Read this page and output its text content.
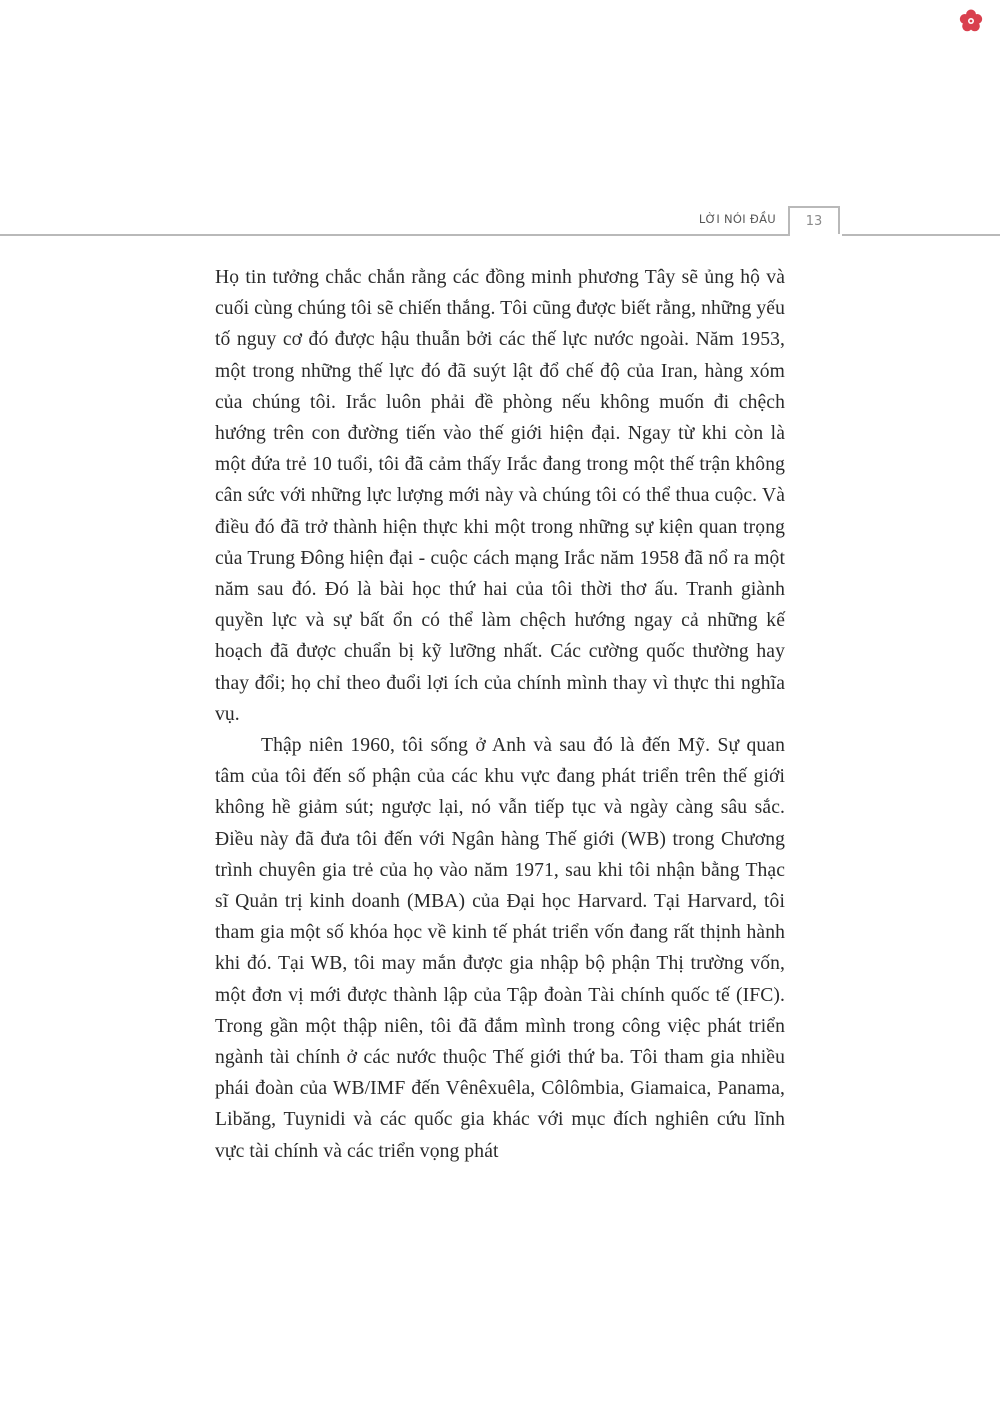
LỜI NÓI ĐẦU	13

Họ tin tưởng chắc chắn rằng các đồng minh phương Tây sẽ ủng hộ và cuối cùng chúng tôi sẽ chiến thắng. Tôi cũng được biết rằng, những yếu tố nguy cơ đó được hậu thuẫn bởi các thế lực nước ngoài. Năm 1953, một trong những thế lực đó đã suýt lật đổ chế độ của Iran, hàng xóm của chúng tôi. Irắc luôn phải đề phòng nếu không muốn đi chệch hướng trên con đường tiến vào thế giới hiện đại. Ngay từ khi còn là một đứa trẻ 10 tuổi, tôi đã cảm thấy Irắc đang trong một thế trận không cân sức với những lực lượng mới này và chúng tôi có thể thua cuộc. Và điều đó đã trở thành hiện thực khi một trong những sự kiện quan trọng của Trung Đông hiện đại - cuộc cách mạng Irắc năm 1958 đã nổ ra một năm sau đó. Đó là bài học thứ hai của tôi thời thơ ấu. Tranh giành quyền lực và sự bất ổn có thể làm chệch hướng ngay cả những kế hoạch đã được chuẩn bị kỹ lưỡng nhất. Các cường quốc thường hay thay đổi; họ chỉ theo đuổi lợi ích của chính mình thay vì thực thi nghĩa vụ.

Thập niên 1960, tôi sống ở Anh và sau đó là đến Mỹ. Sự quan tâm của tôi đến số phận của các khu vực đang phát triển trên thế giới không hề giảm sút; ngược lại, nó vẫn tiếp tục và ngày càng sâu sắc. Điều này đã đưa tôi đến với Ngân hàng Thế giới (WB) trong Chương trình chuyên gia trẻ của họ vào năm 1971, sau khi tôi nhận bằng Thạc sĩ Quản trị kinh doanh (MBA) của Đại học Harvard. Tại Harvard, tôi tham gia một số khóa học về kinh tế phát triển vốn đang rất thịnh hành khi đó. Tại WB, tôi may mắn được gia nhập bộ phận Thị trường vốn, một đơn vị mới được thành lập của Tập đoàn Tài chính quốc tế (IFC). Trong gần một thập niên, tôi đã đắm mình trong công việc phát triển ngành tài chính ở các nước thuộc Thế giới thứ ba. Tôi tham gia nhiều phái đoàn của WB/IMF đến Vênêxuêla, Côlômbia, Giamaica, Panama, Libăng, Tuynidi và các quốc gia khác với mục đích nghiên cứu lĩnh vực tài chính và các triển vọng phát
